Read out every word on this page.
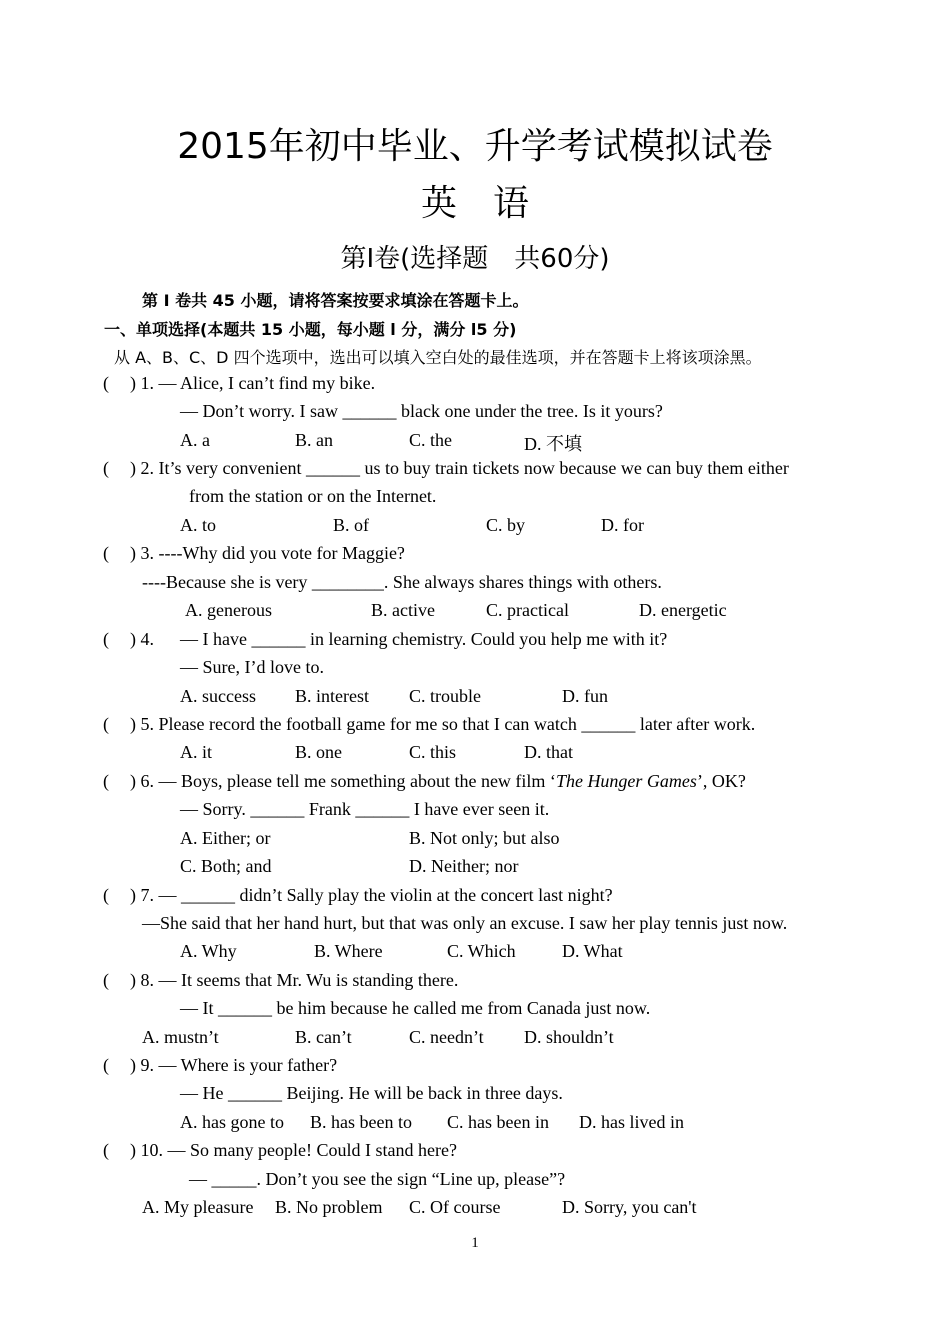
2015年初中毕业、升学考试模拟试卷
英　语
第I卷(选择题　共60分)
第 I 卷共 45 小题，请将答案按要求填涂在答题卡上。
一、单项选择(本题共 15 小题，每小题 l 分，满分 l5 分)
从 A、B、C、D 四个选项中，选出可以填入空白处的最佳选项，并在答题卡上将该项涂黑。
( ) 1. — Alice, I can’t find my bike.
— Don’t worry. I saw ______ black one under the tree. Is it yours?
A. a	B. an	C. the	D. 不填
( ) 2. It’s very convenient ______ us to buy train tickets now because we can buy them either
from the station or on the Internet.
A. to	B. of	C. by	D. for
( ) 3. ----Why did you vote for Maggie?
----Because she is very ________. She always shares things with others.
A. generous	B. active	C. practical	D. energetic
( ) 4. — I have ______ in learning chemistry. Could you help me with it?
— Sure, I’d love to.
A. success B. interest C. trouble	D. fun
( ) 5. Please record the football game for me so that I can watch ______ later after work.
A. it	B. one	C. this	D. that
( ) 6. — Boys, please tell me something about the new film ‘The Hunger Games’, OK?
— Sorry. ______ Frank ______ I have ever seen it.
A. Either; or	B. Not only; but also
C. Both; and	D. Neither; nor
( ) 7. — ______ didn’t Sally play the violin at the concert last night?
—She said that her hand hurt, but that was only an excuse. I saw her play tennis just now.
A. Why	B. Where	C. Which	D. What
( ) 8. — It seems that Mr. Wu is standing there.
— It ______ be him because he called me from Canada just now.
A. mustn’t	B. can’t	C. needn’t D. shouldn’t
( ) 9. — Where is your father?
— He ______ Beijing. He will be back in three days.
A. has gone to B. has been to C. has been in D. has lived in
( ) 10. — So many people! Could I stand here?
— _____. Don’t you see the sign “Line up, please”?
A. My pleasure B. No problem C. Of course	D. Sorry, you can't
1
